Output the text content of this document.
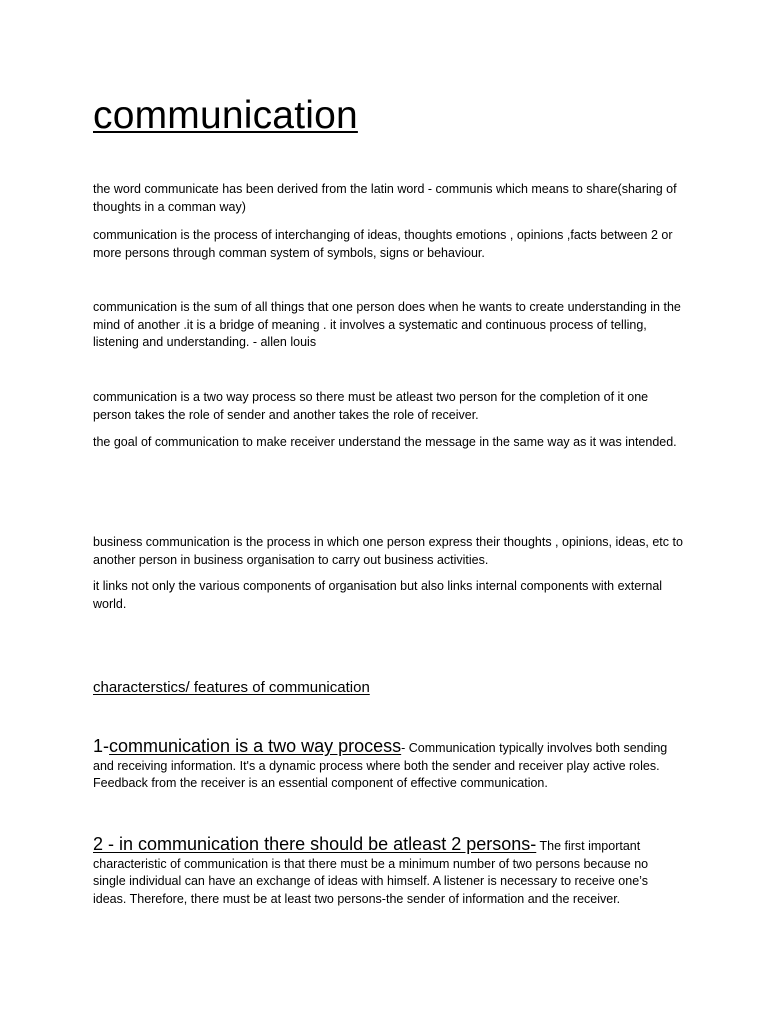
communication

the word communicate has been derived from the latin word - communis which means to share(sharing of thoughts in a comman way)

communication is the process of interchanging of ideas, thoughts emotions , opinions ,facts between 2 or more persons through comman system of symbols, signs or behaviour.

communication is the sum of all things that one person does when he wants to create understanding in the mind of another .it is a bridge of meaning . it involves a systematic and continuous process of telling, listening and understanding. - allen louis

communication is a two way process so there must be atleast two person for the completion of it one person takes the role of sender and another takes the role of receiver.

the goal of communication to make receiver understand the message in the same way as it was intended.

business communication is the process in which one person express their thoughts , opinions, ideas, etc to another person in business organisation to carry out business activities.

it links not only the various components of organisation but also links internal components with external world.

characterstics/ features of communication

1-communication is a two way process- Communication typically involves both sending and receiving information. It's a dynamic process where both the sender and receiver play active roles. Feedback from the receiver is an essential component of effective communication.

2 - in communication there should be atleast 2 persons- The first important characteristic of communication is that there must be a minimum number of two persons because no single individual can have an exchange of ideas with himself. A listener is necessary to receive one’s ideas. Therefore, there must be at least two persons-the sender of information and the receiver.
